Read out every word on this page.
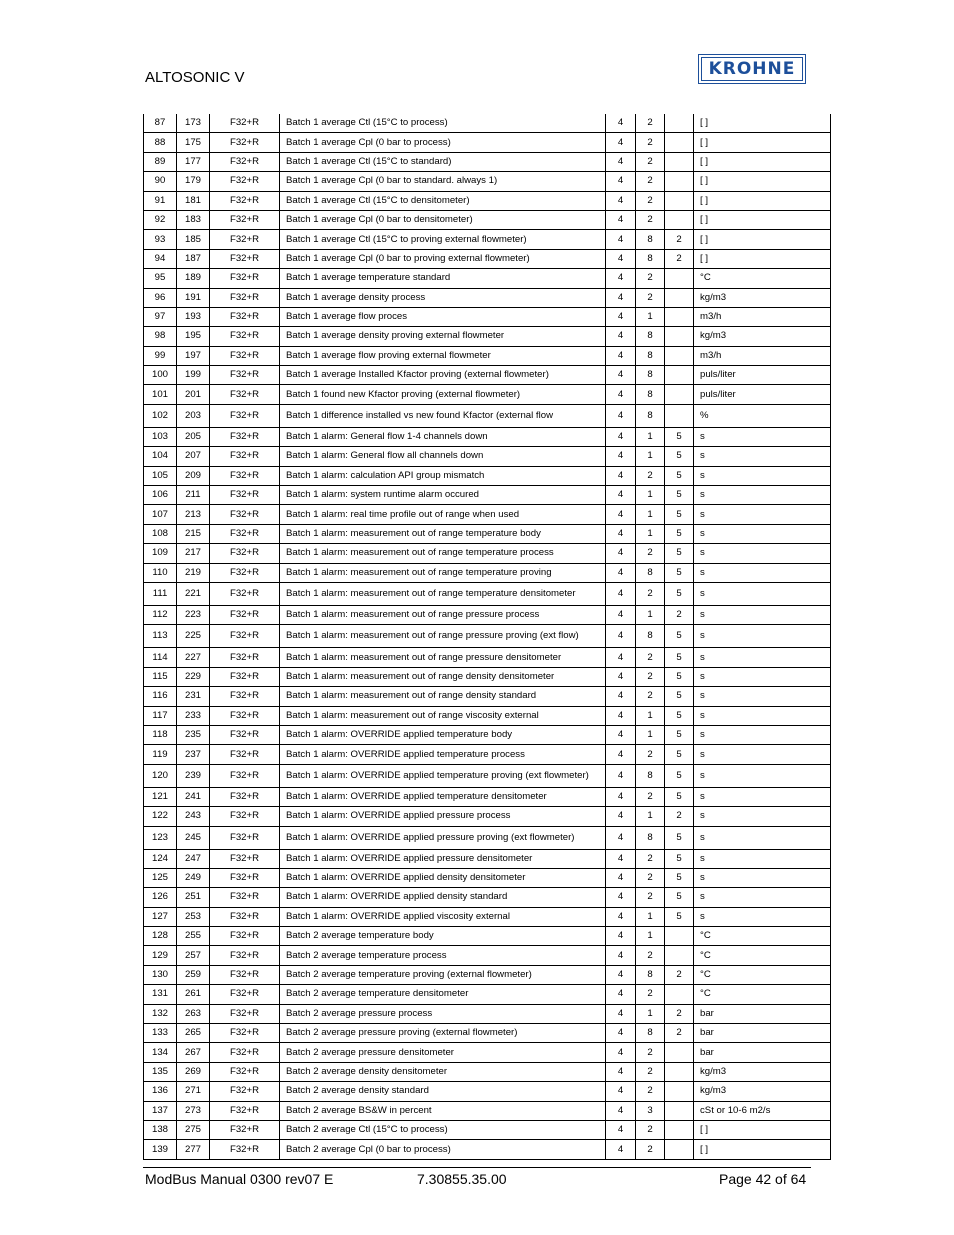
ALTOSONIC V	KROHNE
87	173	F32+R	Batch 1 average Ctl (15°C to process)	4	2		[ ]
88	175	F32+R	Batch 1 average Cpl (0 bar to process)	4	2		[ ]
89	177	F32+R	Batch 1 average Ctl (15°C to standard)	4	2		[ ]
90	179	F32+R	Batch 1 average Cpl (0 bar to standard. always 1)	4	2		[ ]
91	181	F32+R	Batch 1 average Ctl (15°C to densitometer)	4	2		[ ]
92	183	F32+R	Batch 1 average Cpl (0 bar to densitometer)	4	2		[ ]
93	185	F32+R	Batch 1 average Ctl (15°C to proving external flowmeter)	4	8	2	[ ]
94	187	F32+R	Batch 1 average Cpl (0 bar to proving external flowmeter)	4	8	2	[ ]
95	189	F32+R	Batch 1 average temperature standard	4	2		°C
96	191	F32+R	Batch 1 average density process	4	2		kg/m3
97	193	F32+R	Batch 1 average flow proces	4	1		m3/h
98	195	F32+R	Batch 1 average density proving external flowmeter	4	8		kg/m3
99	197	F32+R	Batch 1 average flow proving external flowmeter	4	8		m3/h
100	199	F32+R	Batch 1 average Installed Kfactor proving (external flowmeter)	4	8		puls/liter
101	201	F32+R	Batch 1 found new Kfactor proving (external flowmeter)	4	8		puls/liter
102	203	F32+R	Batch 1 difference installed vs new found Kfactor (external flow	4	8		%
103	205	F32+R	Batch 1 alarm: General flow 1-4 channels down	4	1	5	s
104	207	F32+R	Batch 1 alarm: General flow all channels down	4	1	5	s
105	209	F32+R	Batch 1 alarm: calculation API group mismatch	4	2	5	s
106	211	F32+R	Batch 1 alarm: system runtime alarm occured	4	1	5	s
107	213	F32+R	Batch 1 alarm: real time profile out of range when used	4	1	5	s
108	215	F32+R	Batch 1 alarm: measurement out of range temperature body	4	1	5	s
109	217	F32+R	Batch 1 alarm: measurement out of range temperature process	4	2	5	s
110	219	F32+R	Batch 1 alarm: measurement out of range temperature proving	4	8	5	s
111	221	F32+R	Batch 1 alarm: measurement out of range temperature densitometer	4	2	5	s
112	223	F32+R	Batch 1 alarm: measurement out of range pressure process	4	1	2	s
113	225	F32+R	Batch 1 alarm: measurement out of range pressure proving (ext flow)	4	8	5	s
114	227	F32+R	Batch 1 alarm: measurement out of range pressure densitometer	4	2	5	s
115	229	F32+R	Batch 1 alarm: measurement out of range density densitometer	4	2	5	s
116	231	F32+R	Batch 1 alarm: measurement out of range density standard	4	2	5	s
117	233	F32+R	Batch 1 alarm: measurement out of range viscosity external	4	1	5	s
118	235	F32+R	Batch 1 alarm: OVERRIDE applied temperature body	4	1	5	s
119	237	F32+R	Batch 1 alarm: OVERRIDE applied temperature process	4	2	5	s
120	239	F32+R	Batch 1 alarm: OVERRIDE applied temperature proving (ext flowmeter)	4	8	5	s
121	241	F32+R	Batch 1 alarm: OVERRIDE applied temperature densitometer	4	2	5	s
122	243	F32+R	Batch 1 alarm: OVERRIDE applied pressure process	4	1	2	s
123	245	F32+R	Batch 1 alarm: OVERRIDE applied pressure proving (ext flowmeter)	4	8	5	s
124	247	F32+R	Batch 1 alarm: OVERRIDE applied pressure densitometer	4	2	5	s
125	249	F32+R	Batch 1 alarm: OVERRIDE applied density densitometer	4	2	5	s
126	251	F32+R	Batch 1 alarm: OVERRIDE applied density standard	4	2	5	s
127	253	F32+R	Batch 1 alarm: OVERRIDE applied viscosity external	4	1	5	s
128	255	F32+R	Batch 2 average temperature body	4	1		°C
129	257	F32+R	Batch 2 average temperature process	4	2		°C
130	259	F32+R	Batch 2 average temperature proving (external flowmeter)	4	8	2	°C
131	261	F32+R	Batch 2 average temperature densitometer	4	2		°C
132	263	F32+R	Batch 2 average pressure process	4	1	2	bar
133	265	F32+R	Batch 2 average pressure proving (external flowmeter)	4	8	2	bar
134	267	F32+R	Batch 2 average pressure densitometer	4	2		bar
135	269	F32+R	Batch 2 average density densitometer	4	2		kg/m3
136	271	F32+R	Batch 2 average density standard	4	2		kg/m3
137	273	F32+R	Batch 2 average BS&W in percent	4	3		cSt or 10-6 m2/s
138	275	F32+R	Batch 2 average Ctl (15°C to process)	4	2		[ ]
139	277	F32+R	Batch 2 average Cpl (0 bar to process)	4	2		[ ]
ModBus Manual 0300 rev07 E	7.30855.35.00	Page 42 of 64
